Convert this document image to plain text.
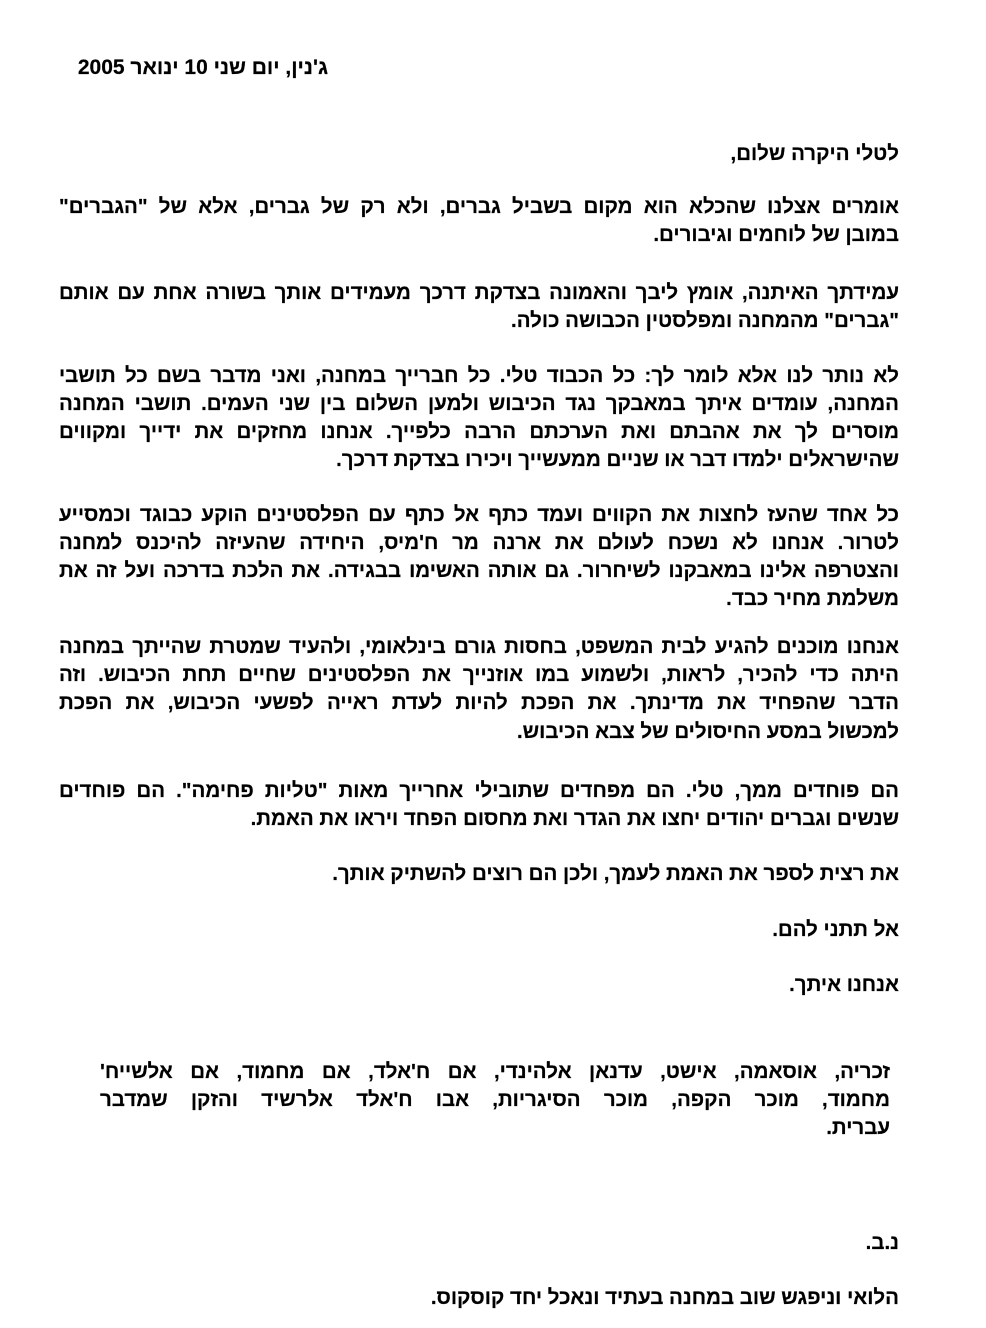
ג'נין, יום שני 10 ינואר 2005

לטלי היקרה שלום,

אומרים אצלנו שהכלא הוא מקום בשביל גברים, ולא רק של גברים, אלא של "הגברים"

במובן של לוחמים וגיבורים.

עמידתך האיתנה, אומץ ליבך והאמונה בצדקת דרכך מעמידים אותך בשורה אחת עם אותם

"גברים" מהמחנה ומפלסטין הכבושה כולה.

לא נותר לנו אלא לומר לך: כל הכבוד טלי. כל חברייך במחנה, ואני מדבר בשם כל תושבי

המחנה, עומדים איתך במאבקך נגד הכיבוש ולמען השלום בין שני העמים. תושבי המחנה

מוסרים לך את אהבתם ואת הערכתם הרבה כלפייך. אנחנו מחזקים את ידייך ומקווים

שהישראלים ילמדו דבר או שניים ממעשייך ויכירו בצדקת דרכך.

כל אחד שהעז לחצות את הקווים ועמד כתף אל כתף עם הפלסטינים הוקע כבוגד וכמסייע

לטרור. אנחנו לא נשכח לעולם את ארנה מר ח'מיס, היחידה שהעיזה להיכנס למחנה

והצטרפה אלינו במאבקנו לשיחרור. גם אותה האשימו בבגידה. את הלכת בדרכה ועל זה את

משלמת מחיר כבד.

אנחנו מוכנים להגיע לבית המשפט, בחסות גורם בינלאומי, ולהעיד שמטרת שהייתך במחנה

היתה כדי להכיר, לראות, ולשמוע במו אוזנייך את הפלסטינים שחיים תחת הכיבוש. וזה

הדבר שהפחיד את מדינתך. את הפכת להיות לעדת ראייה לפשעי הכיבוש, את הפכת

למכשול במסע החיסולים של צבא הכיבוש.

הם פוחדים ממך, טלי. הם מפחדים שתובילי אחרייך מאות "טליות פחימה". הם פוחדים

שנשים וגברים יהודים יחצו את הגדר ואת מחסום הפחד ויראו את האמת.

את רצית לספר את האמת לעמך, ולכן הם רוצים להשתיק אותך.

אל תתני להם.

אנחנו איתך.

זכריה, אוסאמה, אישט, עדנאן אלהינדי, אם ח'אלד, אם מחמוד, אם אלשייח'

מחמוד, מוכר הקפה, מוכר הסיגריות, אבו ח'אלד אלרשיד והזקן שמדבר

עברית.

נ.ב.

הלואי וניפגש שוב במחנה בעתיד ונאכל יחד קוסקוס.
